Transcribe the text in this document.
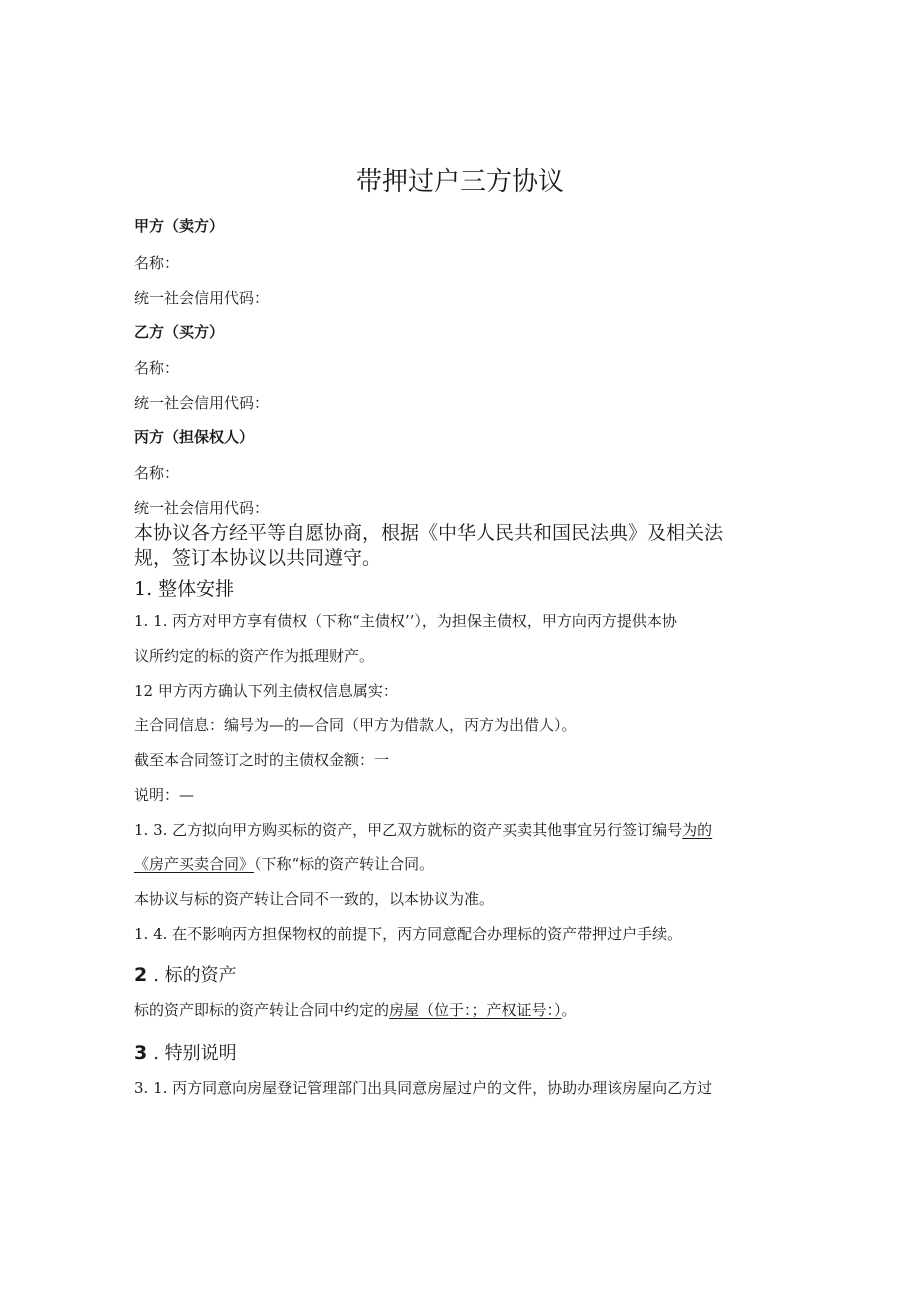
带押过户三方协议
甲方（卖方）
名称：
统一社会信用代码：
乙方（买方）
名称：
统一社会信用代码：
丙方（担保权人）
名称：
统一社会信用代码：
本协议各方经平等自愿协商，根据《中华人民共和国民法典》及相关法
规，签订本协议以共同遵守。
1. 整体安排
1. 1. 丙方对甲方享有债权（下称“主债权’’），为担保主债权，甲方向丙方提供本协
议所约定的标的资产作为抵理财产。
12 甲方丙方确认下列主债权信息属实：
主合同信息：编号为—的—合同（甲方为借款人，丙方为出借人）。
截至本合同签订之时的主债权金额：一
说明：—
1. 3. 乙方拟向甲方购买标的资产，甲乙双方就标的资产买卖其他事宜另行签订编号为的
《房产买卖合同》（下称“标的资产转让合同。
本协议与标的资产转让合同不一致的，以本协议为准。
1. 4. 在不影响丙方担保物权的前提下，丙方同意配合办理标的资产带押过户手续。
2 . 标的资产
标的资产即标的资产转让合同中约定的房屋（位于：；产权证号：）。
3 . 特别说明
3. 1. 丙方同意向房屋登记管理部门出具同意房屋过户的文件，协助办理该房屋向乙方过
